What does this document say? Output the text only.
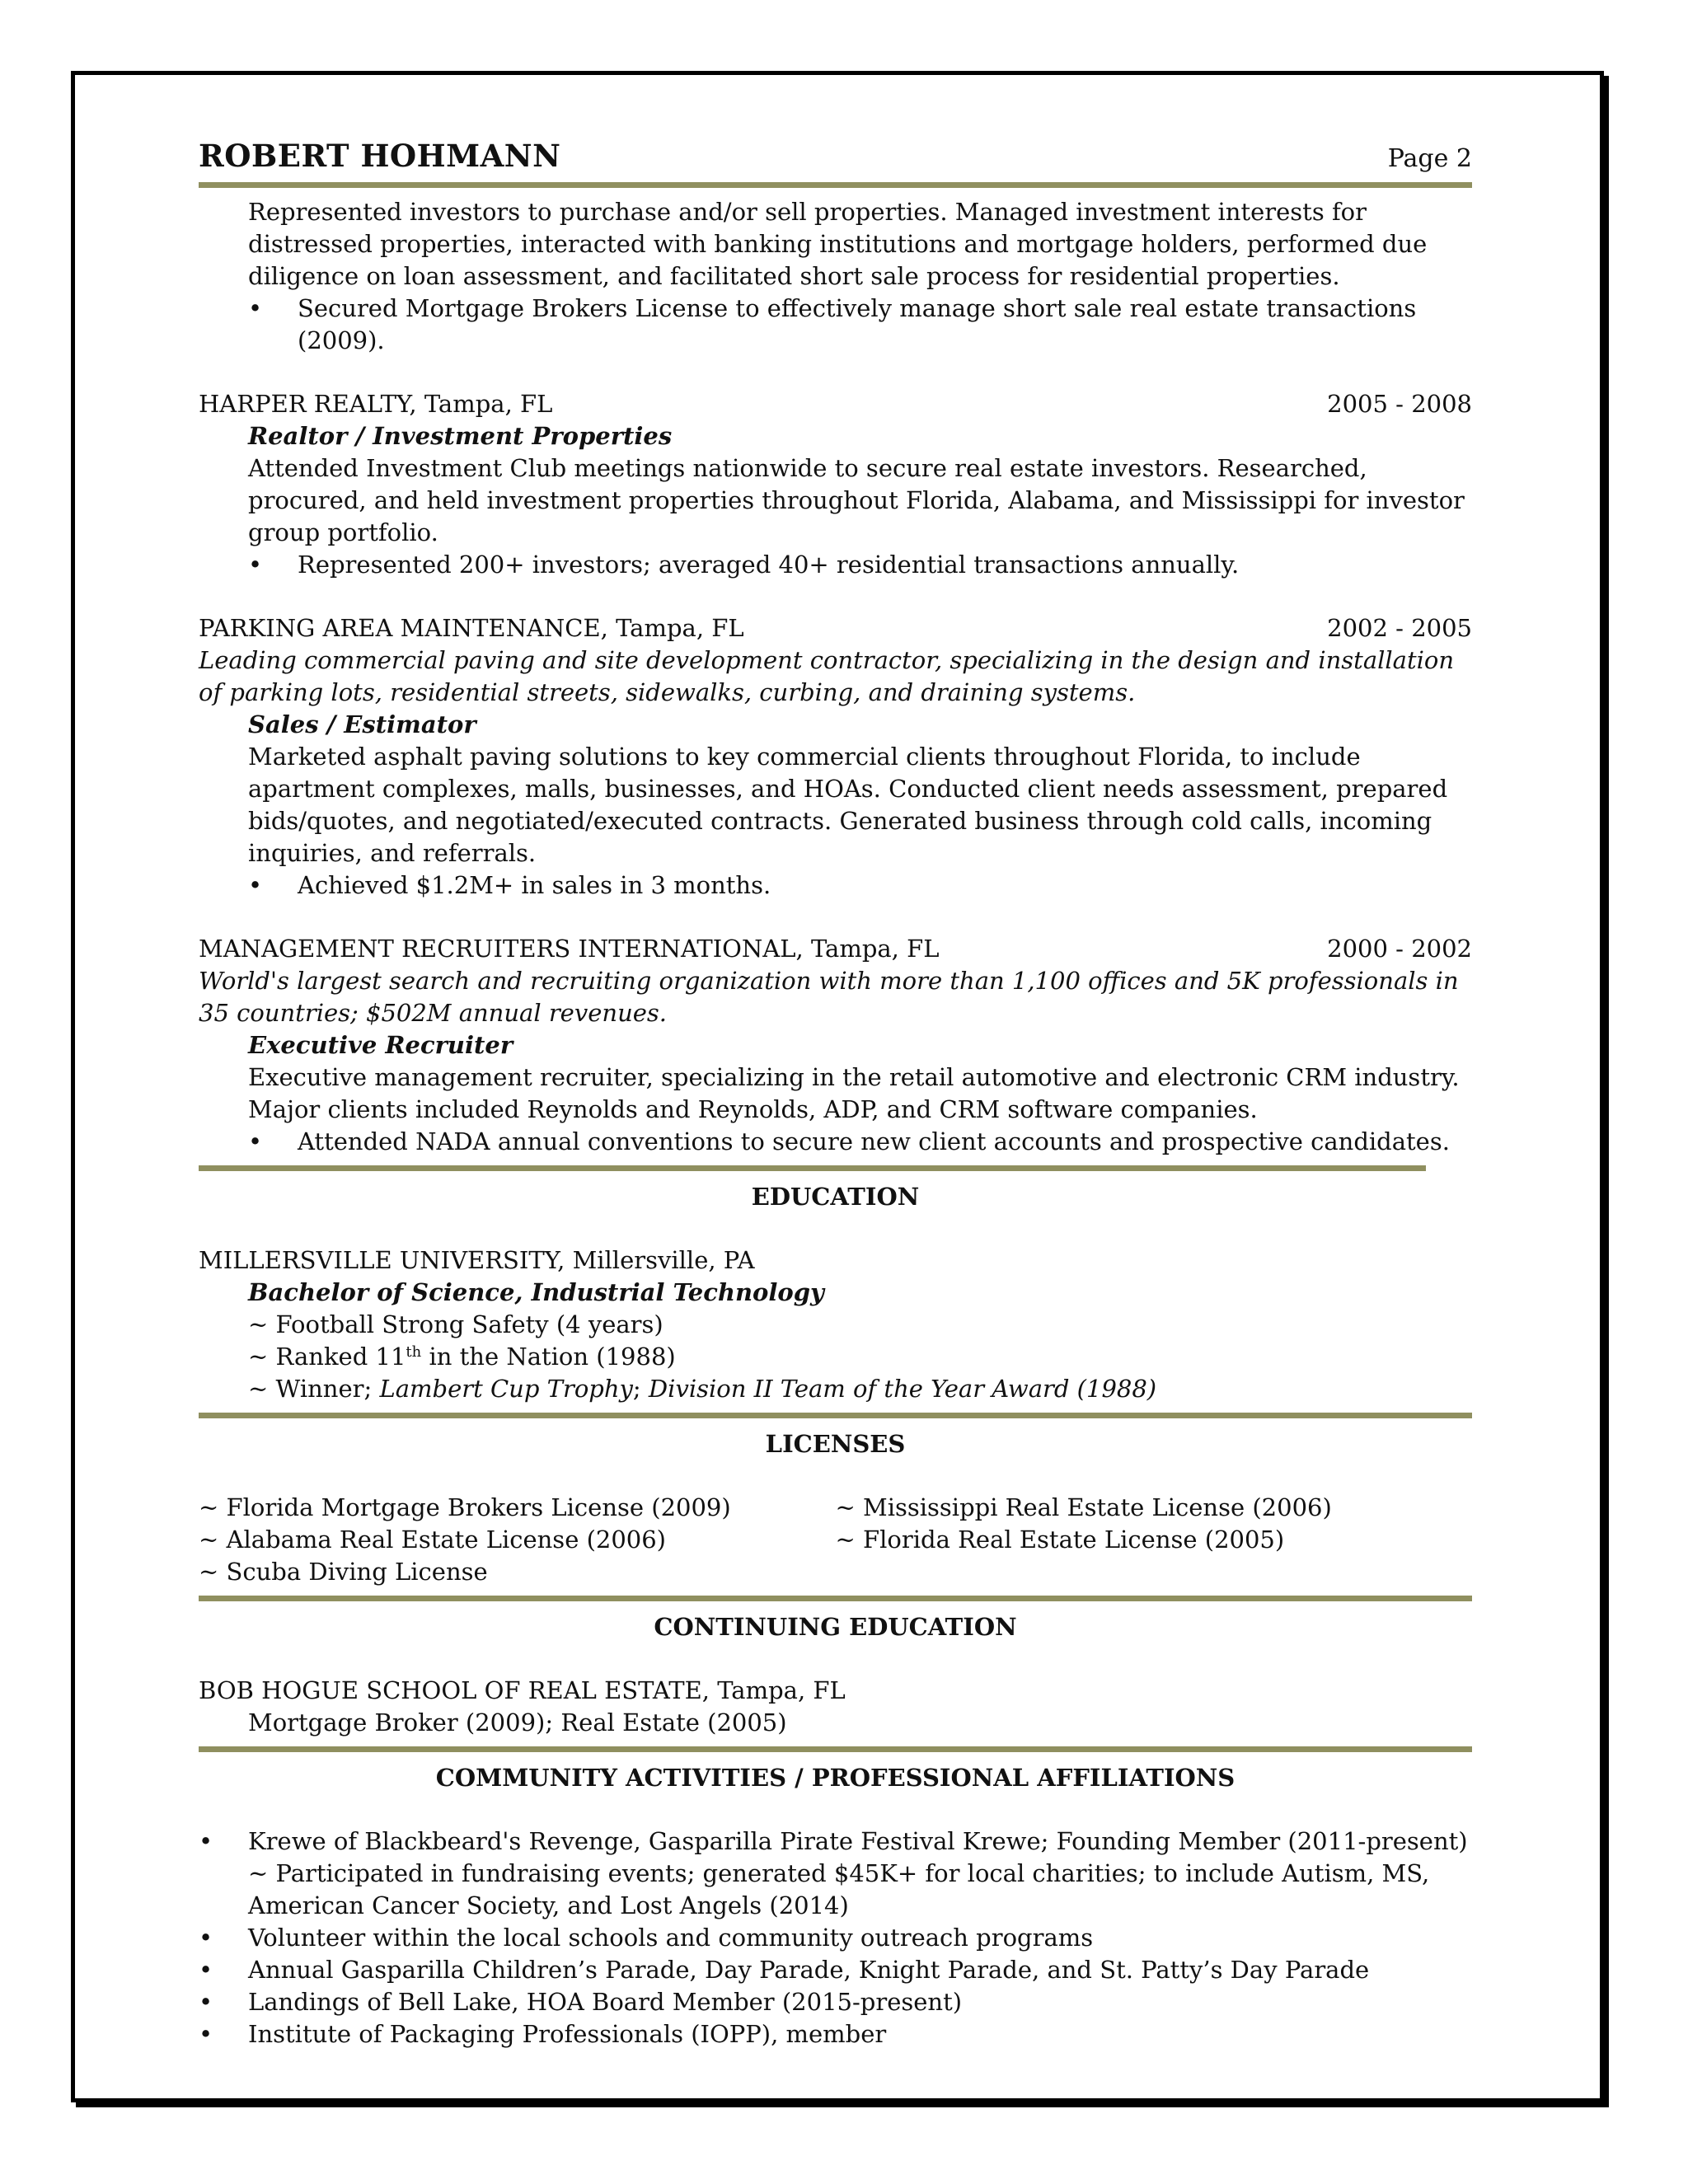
ROBERT HOHMANN	Page 2
Represented investors to purchase and/or sell properties. Managed investment interests for distressed properties, interacted with banking institutions and mortgage holders, performed due diligence on loan assessment, and facilitated short sale process for residential properties.
•	Secured Mortgage Brokers License to effectively manage short sale real estate transactions (2009).
HARPER REALTY, Tampa, FL	2005 - 2008
Realtor / Investment Properties
Attended Investment Club meetings nationwide to secure real estate investors. Researched, procured, and held investment properties throughout Florida, Alabama, and Mississippi for investor group portfolio.
•	Represented 200+ investors; averaged 40+ residential transactions annually.
PARKING AREA MAINTENANCE, Tampa, FL	2002 - 2005
Leading commercial paving and site development contractor, specializing in the design and installation of parking lots, residential streets, sidewalks, curbing, and draining systems.
Sales / Estimator
Marketed asphalt paving solutions to key commercial clients throughout Florida, to include apartment complexes, malls, businesses, and HOAs. Conducted client needs assessment, prepared bids/quotes, and negotiated/executed contracts. Generated business through cold calls, incoming inquiries, and referrals.
•	Achieved $1.2M+ in sales in 3 months.
MANAGEMENT RECRUITERS INTERNATIONAL, Tampa, FL	2000 - 2002
World's largest search and recruiting organization with more than 1,100 offices and 5K professionals in 35 countries; $502M annual revenues.
Executive Recruiter
Executive management recruiter, specializing in the retail automotive and electronic CRM industry. Major clients included Reynolds and Reynolds, ADP, and CRM software companies.
•	Attended NADA annual conventions to secure new client accounts and prospective candidates.
EDUCATION
MILLERSVILLE UNIVERSITY, Millersville, PA
Bachelor of Science, Industrial Technology
~ Football Strong Safety (4 years)
~ Ranked 11th in the Nation (1988)
~ Winner; Lambert Cup Trophy; Division II Team of the Year Award (1988)
LICENSES
~ Florida Mortgage Brokers License (2009)
~ Alabama Real Estate License (2006)
~ Scuba Diving License
~ Mississippi Real Estate License (2006)
~ Florida Real Estate License (2005)
CONTINUING EDUCATION
BOB HOGUE SCHOOL OF REAL ESTATE, Tampa, FL
Mortgage Broker (2009); Real Estate (2005)
COMMUNITY ACTIVITIES / PROFESSIONAL AFFILIATIONS
•	Krewe of Blackbeard's Revenge, Gasparilla Pirate Festival Krewe; Founding Member (2011-present)
~ Participated in fundraising events; generated $45K+ for local charities; to include Autism, MS, American Cancer Society, and Lost Angels (2014)
•	Volunteer within the local schools and community outreach programs
•	Annual Gasparilla Children’s Parade, Day Parade, Knight Parade, and St. Patty’s Day Parade
•	Landings of Bell Lake, HOA Board Member (2015-present)
•	Institute of Packaging Professionals (IOPP), member
